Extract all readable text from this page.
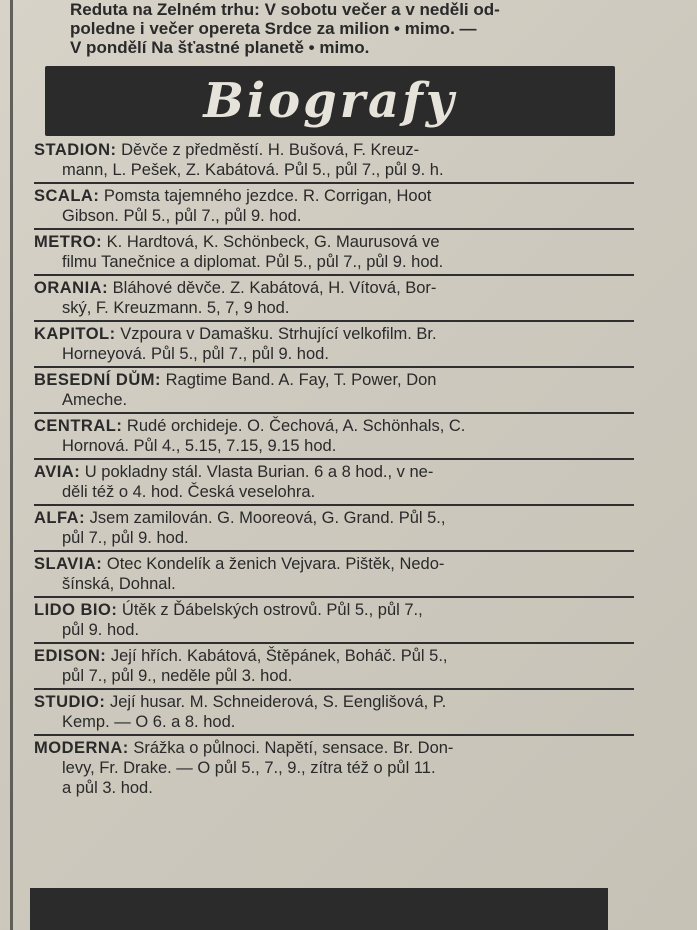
Reduta na Zelném trhu: V sobotu večer a v neděli od-
poledne i večer opereta Srdce za milion • mimo. —
V pondělí Na šťastné planetě • mimo.
Biografy
STADION: Děvče z předměstí. H. Bušová, F. Kreuz-
mann, L. Pešek, Z. Kabátová. Půl 5., půl 7., půl 9. h.
SCALA: Pomsta tajemného jezdce. R. Corrigan, Hoot
Gibson. Půl 5., půl 7., půl 9. hod.
METRO: K. Hardtová, K. Schönbeck, G. Maurusová ve
filmu Tanečnice a diplomat. Půl 5., půl 7., půl 9. hod.
ORANIA: Bláhové děvče. Z. Kabátová, H. Vítová, Bor-
ský, F. Kreuzmann. 5, 7, 9 hod.
KAPITOL: Vzpoura v Damašku. Strhující velkofilm. Br.
Horneyová. Půl 5., půl 7., půl 9. hod.
BESEDNÍ DŮM: Ragtime Band. A. Fay, T. Power, Don
Ameche.
CENTRAL: Rudé orchideje. O. Čechová, A. Schönhals, C.
Hornová. Půl 4., 5.15, 7.15, 9.15 hod.
AVIA: U pokladny stál. Vlasta Burian. 6 a 8 hod., v ne-
děli též o 4. hod. Česká veselohra.
ALFA: Jsem zamilován. G. Mooreová, G. Grand. Půl 5.,
půl 7., půl 9. hod.
SLAVIA: Otec Kondelík a ženich Vejvara. Pištěk, Nedo-
šínská, Dohnal.
LIDO BIO: Útěk z Ďábelských ostrovů. Půl 5., půl 7.,
půl 9. hod.
EDISON: Její hřích. Kabátová, Štěpánek, Boháč. Půl 5.,
půl 7., půl 9., neděle půl 3. hod.
STUDIO: Její husar. M. Schneiderová, S. Eenglišová, P.
Kemp. — O 6. a 8. hod.
MODERNA: Srážka o půlnoci. Napětí, sensace. Br. Don-
levy, Fr. Drake. — O půl 5., 7., 9., zítra též o půl 11.
a půl 3. hod.
